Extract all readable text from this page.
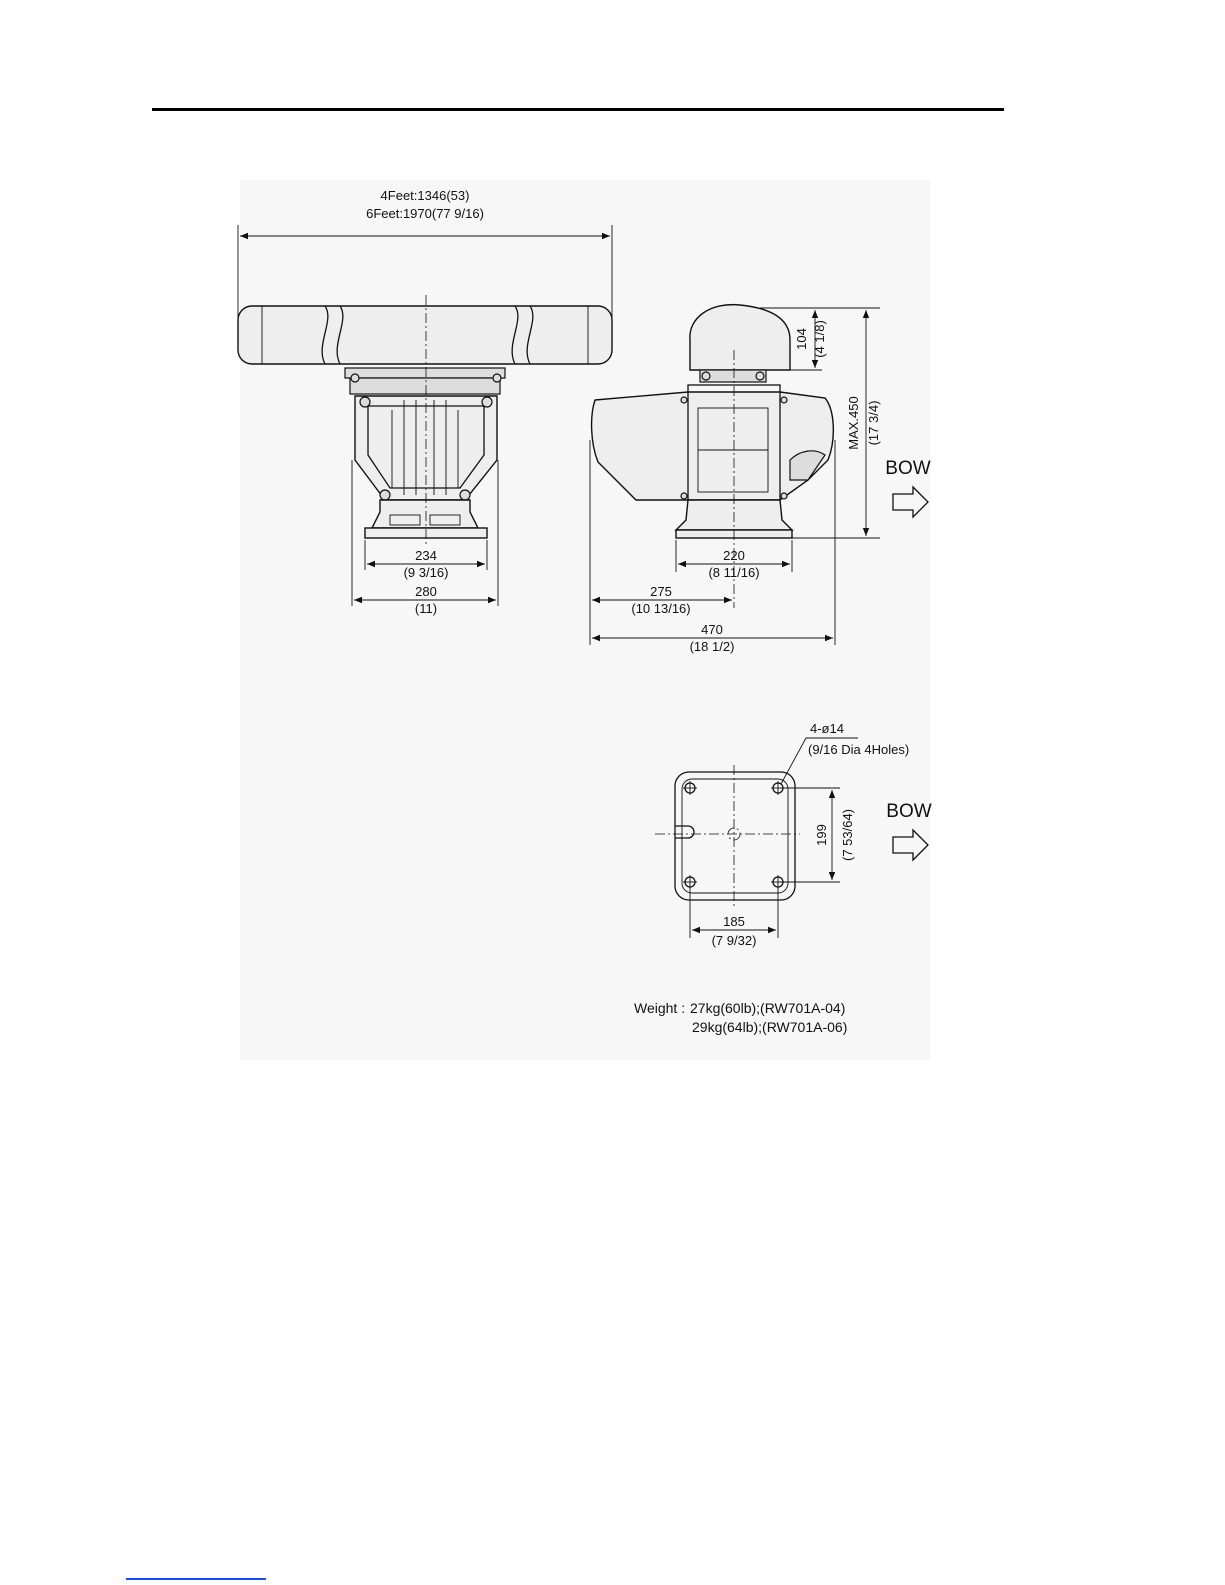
4Feet:1346(53)
6Feet:1970(77 9/16)
234
(9 3/16)
280
(11)
104 (4 1/8)
MAX.450 (17 3/4)
BOW
220
(8 11/16)
275
(10 13/16)
470
(18 1/2)
4-ø14
(9/16 Dia 4Holes)
199 (7 53/64) BOW
185
(7 9/32)
Weight : 27kg(60lb);(RW701A-04)
29kg(64lb);(RW701A-06)
